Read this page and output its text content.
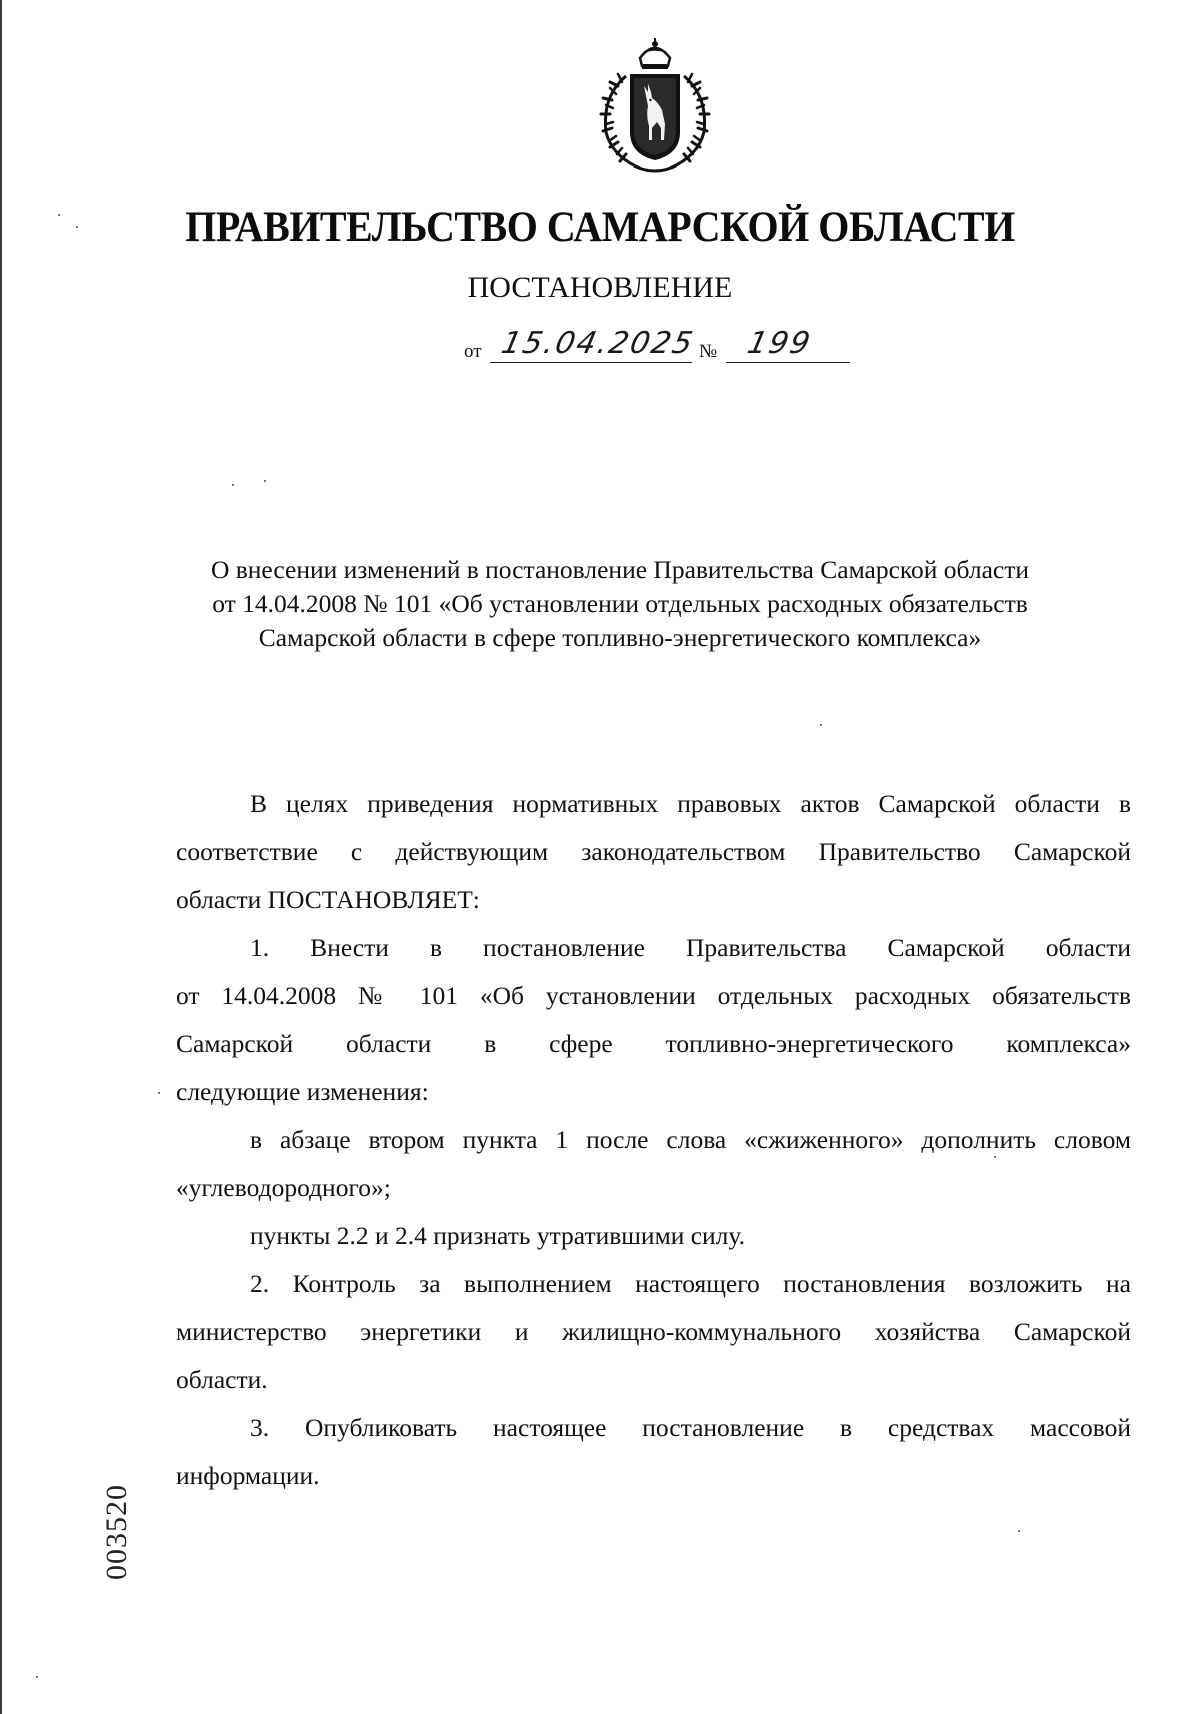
ПРАВИТЕЛЬСТВО САМАРСКОЙ ОБЛАСТИ
ПОСТАНОВЛЕНИЕ
от 15.04.2025 № 199
О внесении изменений в постановление Правительства Самарской области
от 14.04.2008 № 101 «Об установлении отдельных расходных обязательств
Самарской области в сфере топливно-энергетического комплекса»
В целях приведения нормативных правовых актов Самарской области в
соответствие с действующим законодательством Правительство Самарской
области ПОСТАНОВЛЯЕТ:
1. Внести в постановление Правительства Самарской области
от 14.04.2008 № 101 «Об установлении отдельных расходных обязательств
Самарской области в сфере топливно-энергетического комплекса»
следующие изменения:
в абзаце втором пункта 1 после слова «сжиженного» дополнить словом
«углеводородного»;
пункты 2.2 и 2.4 признать утратившими силу.
2. Контроль за выполнением настоящего постановления возложить на
министерство энергетики и жилищно-коммунального хозяйства Самарской
области.
3. Опубликовать настоящее постановление в средствах массовой
информации.
003520
